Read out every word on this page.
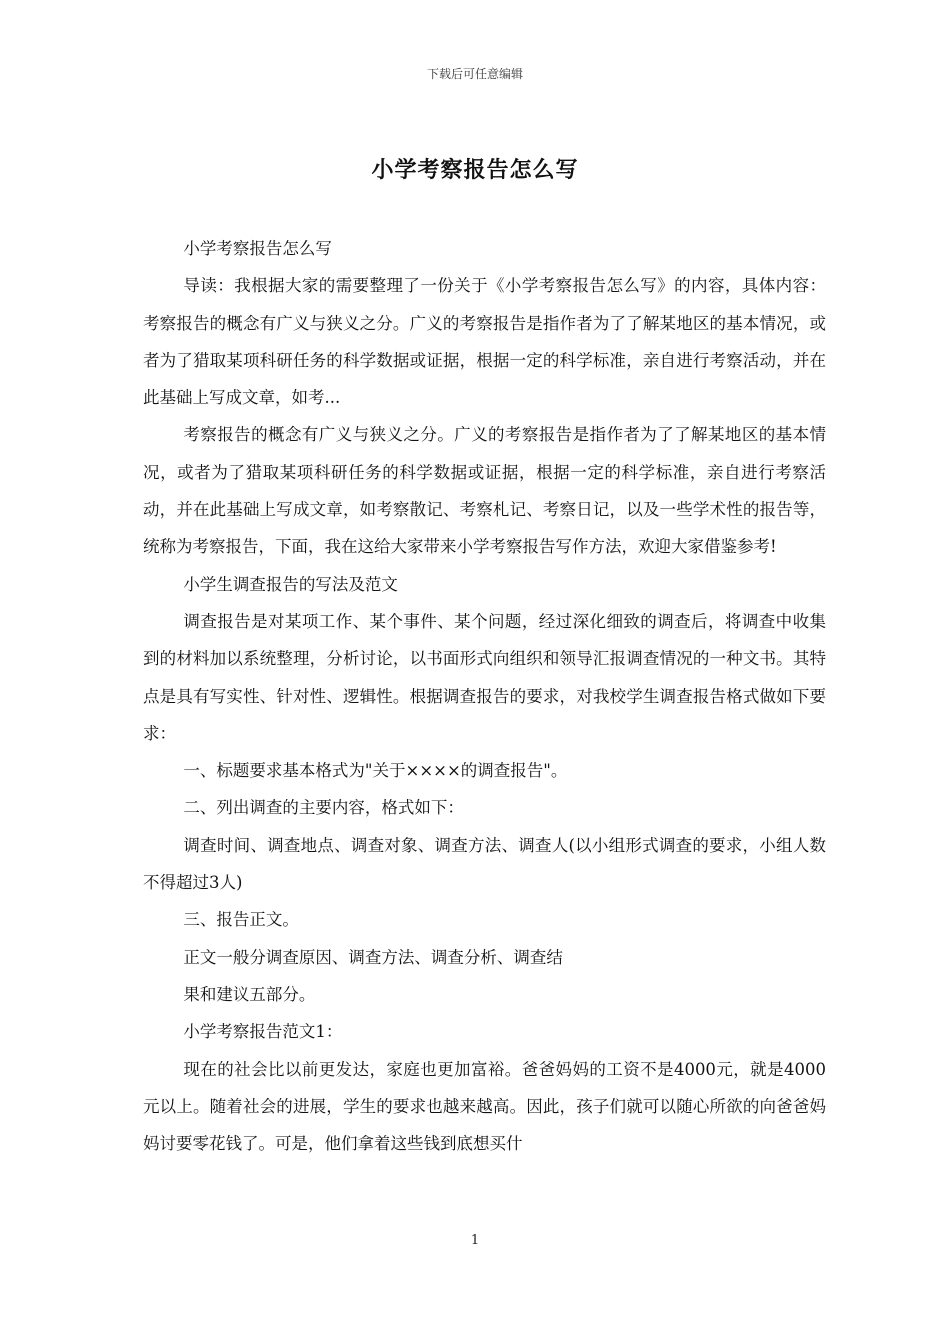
下载后可任意编辑
小学考察报告怎么写

小学考察报告怎么写

导读：我根据大家的需要整理了一份关于《小学考察报告怎么写》的内容，具体内容：考察报告的概念有广义与狭义之分。广义的考察报告是指作者为了了解某地区的基本情况，或者为了猎取某项科研任务的科学数据或证据，根据一定的科学标准，亲自进行考察活动，并在此基础上写成文章，如考...

考察报告的概念有广义与狭义之分。广义的考察报告是指作者为了了解某地区的基本情况，或者为了猎取某项科研任务的科学数据或证据，根据一定的科学标准，亲自进行考察活动，并在此基础上写成文章，如考察散记、考察札记、考察日记，以及一些学术性的报告等，统称为考察报告，下面，我在这给大家带来小学考察报告写作方法，欢迎大家借鉴参考!

小学生调查报告的写法及范文

调查报告是对某项工作、某个事件、某个问题，经过深化细致的调查后，将调查中收集到的材料加以系统整理，分析讨论，以书面形式向组织和领导汇报调查情况的一种文书。其特点是具有写实性、针对性、逻辑性。根据调查报告的要求，对我校学生调查报告格式做如下要求：

一、标题要求基本格式为"关于××××的调查报告"。

二、列出调查的主要内容，格式如下：

调查时间、调查地点、调查对象、调查方法、调查人(以小组形式调查的要求，小组人数不得超过3人)

三、报告正文。

正文一般分调查原因、调查方法、调查分析、调查结

果和建议五部分。

小学考察报告范文1：

现在的社会比以前更发达，家庭也更加富裕。爸爸妈妈的工资不是4000元，就是4000元以上。随着社会的进展，学生的要求也越来越高。因此，孩子们就可以随心所欲的向爸爸妈妈讨要零花钱了。可是，他们拿着这些钱到底想买什

1
